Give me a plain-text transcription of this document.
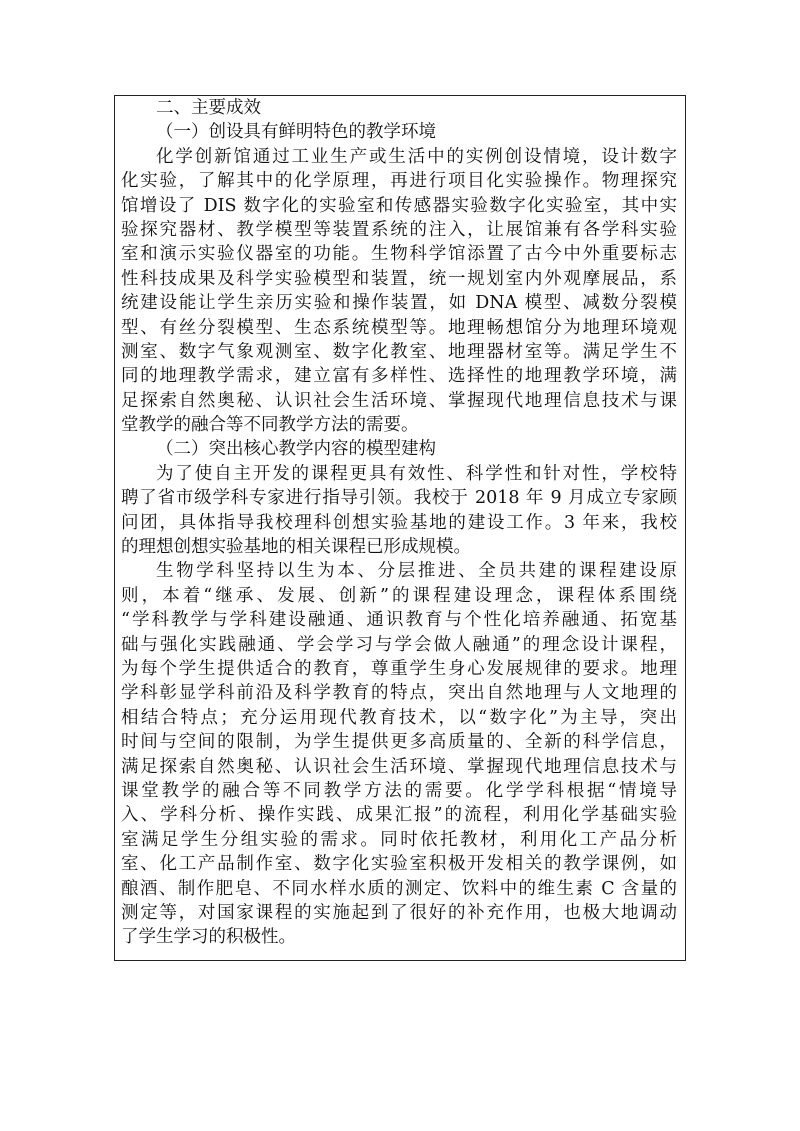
二、主要成效
（一）创设具有鲜明特色的教学环境
化学创新馆通过工业生产或生活中的实例创设情境，设计数字
化实验，了解其中的化学原理，再进行项目化实验操作。物理探究
馆增设了 DIS 数字化的实验室和传感器实验数字化实验室，其中实
验探究器材、教学模型等装置系统的注入，让展馆兼有各学科实验
室和演示实验仪器室的功能。生物科学馆添置了古今中外重要标志
性科技成果及科学实验模型和装置，统一规划室内外观摩展品，系
统建设能让学生亲历实验和操作装置，如 DNA 模型、减数分裂模
型、有丝分裂模型、生态系统模型等。地理畅想馆分为地理环境观
测室、数字气象观测室、数字化教室、地理器材室等。满足学生不
同的地理教学需求，建立富有多样性、选择性的地理教学环境，满
足探索自然奥秘、认识社会生活环境、掌握现代地理信息技术与课
堂教学的融合等不同教学方法的需要。
（二）突出核心教学内容的模型建构
为了使自主开发的课程更具有效性、科学性和针对性，学校特
聘了省市级学科专家进行指导引领。我校于 2018 年 9 月成立专家顾
问团，具体指导我校理科创想实验基地的建设工作。3 年来，我校
的理想创想实验基地的相关课程已形成规模。
生物学科坚持以生为本、分层推进、全员共建的课程建设原
则，本着“继承、发展、创新”的课程建设理念，课程体系围绕
“学科教学与学科建设融通、通识教育与个性化培养融通、拓宽基
础与强化实践融通、学会学习与学会做人融通”的理念设计课程，
为每个学生提供适合的教育，尊重学生身心发展规律的要求。地理
学科彰显学科前沿及科学教育的特点，突出自然地理与人文地理的
相结合特点；充分运用现代教育技术，以“数字化”为主导，突出
时间与空间的限制，为学生提供更多高质量的、全新的科学信息，
满足探索自然奥秘、认识社会生活环境、掌握现代地理信息技术与
课堂教学的融合等不同教学方法的需要。化学学科根据“情境导
入、学科分析、操作实践、成果汇报”的流程，利用化学基础实验
室满足学生分组实验的需求。同时依托教材，利用化工产品分析
室、化工产品制作室、数字化实验室积极开发相关的教学课例，如
酿酒、制作肥皂、不同水样水质的测定、饮料中的维生素 C 含量的
测定等，对国家课程的实施起到了很好的补充作用，也极大地调动
了学生学习的积极性。
